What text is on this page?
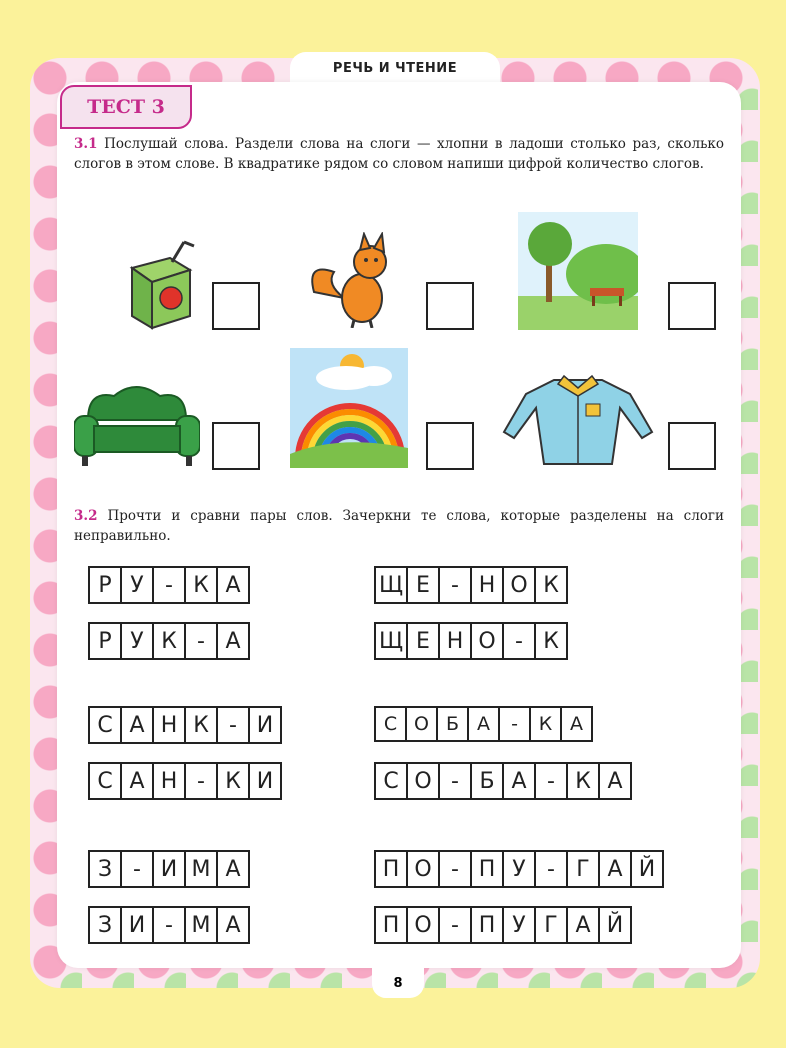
РЕЧЬ И ЧТЕНИЕ
ТЕСТ 3
3.1 Послушай слова. Раздели слова на слоги — хлопни в ладоши столько раз, сколько слогов в этом слове. В квадратике рядом со словом напиши цифрой количество слогов.
3.2 Прочти и сравни пары слов. Зачеркни те слова, которые разделены на слоги неправильно.
Р У - К А
Р У К - А
Щ Е - Н О К
Щ Е Н О - К
С А Н К - И
С А Н - К И
С О Б А	-	К А
С О - Б А - К А
З - И М А
З И - М А
П О - П У - Г А Й
П О - П У Г А Й
8
